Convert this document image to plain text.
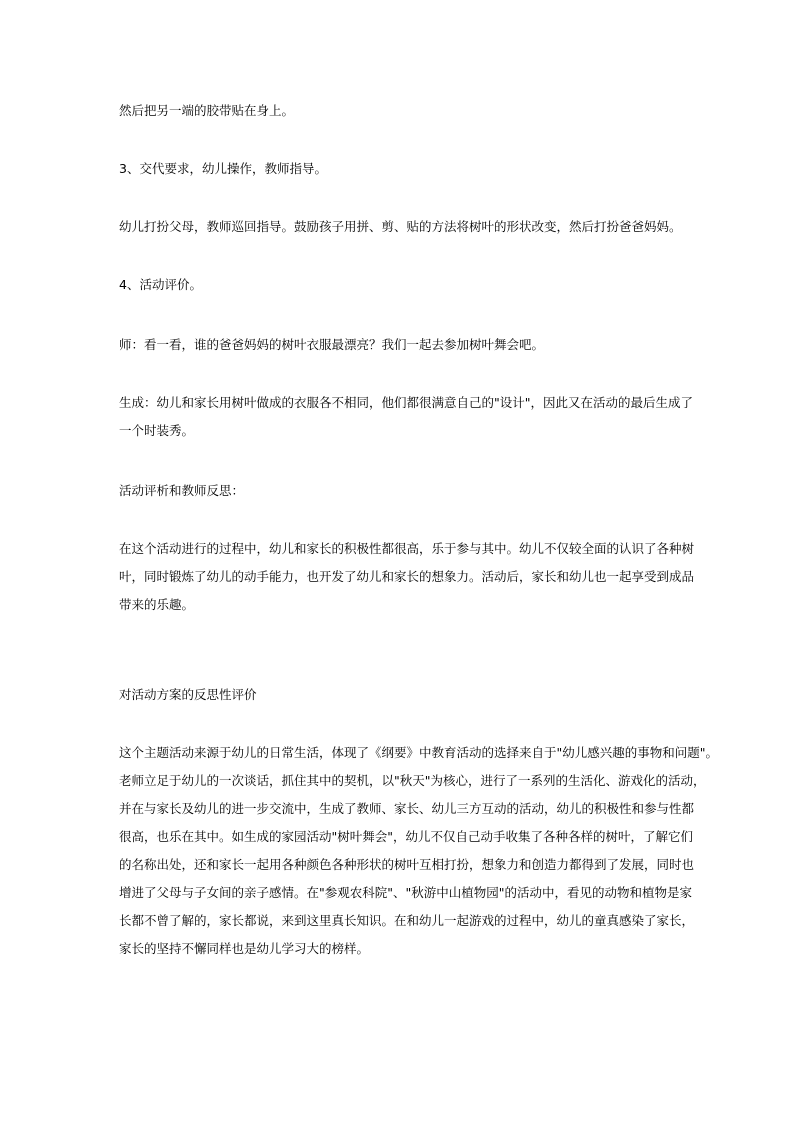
然后把另一端的胶带贴在身上。

3、交代要求，幼儿操作，教师指导。

幼儿打扮父母，教师巡回指导。鼓励孩子用拼、剪、贴的方法将树叶的形状改变，然后打扮爸爸妈妈。

4、活动评价。

师：看一看，谁的爸爸妈妈的树叶衣服最漂亮？我们一起去参加树叶舞会吧。

生成：幼儿和家长用树叶做成的衣服各不相同，他们都很满意自己的"设计"，因此又在活动的最后生成了
一个时装秀。

活动评析和教师反思：

在这个活动进行的过程中，幼儿和家长的积极性都很高，乐于参与其中。幼儿不仅较全面的认识了各种树
叶，同时锻炼了幼儿的动手能力，也开发了幼儿和家长的想象力。活动后，家长和幼儿也一起享受到成品
带来的乐趣。

对活动方案的反思性评价

这个主题活动来源于幼儿的日常生活，体现了《纲要》中教育活动的选择来自于"幼儿感兴趣的事物和问题"。
老师立足于幼儿的一次谈话，抓住其中的契机，以"秋天"为核心，进行了一系列的生活化、游戏化的活动，
并在与家长及幼儿的进一步交流中，生成了教师、家长、幼儿三方互动的活动，幼儿的积极性和参与性都
很高，也乐在其中。如生成的家园活动"树叶舞会"，幼儿不仅自己动手收集了各种各样的树叶，了解它们
的名称出处，还和家长一起用各种颜色各种形状的树叶互相打扮，想象力和创造力都得到了发展，同时也
增进了父母与子女间的亲子感情。在"参观农科院"、"秋游中山植物园"的活动中，看见的动物和植物是家
长都不曾了解的，家长都说，来到这里真长知识。在和幼儿一起游戏的过程中，幼儿的童真感染了家长，
家长的坚持不懈同样也是幼儿学习大的榜样。
